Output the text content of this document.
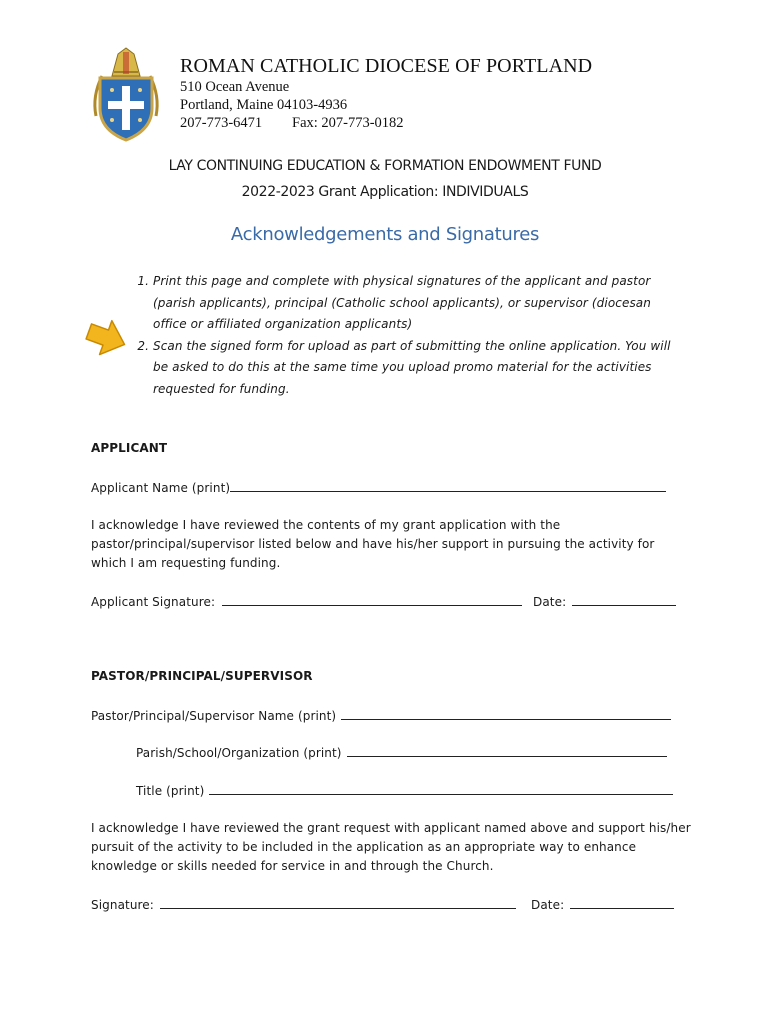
ROMAN CATHOLIC DIOCESE OF PORTLAND
510 Ocean Avenue
Portland, Maine 04103-4936
207-773-6471 Fax: 207-773-0182
LAY CONTINUING EDUCATION & FORMATION ENDOWMENT FUND
2022-2023 Grant Application: INDIVIDUALS
Acknowledgements and Signatures
1. Print this page and complete with physical signatures of the applicant and pastor (parish applicants), principal (Catholic school applicants), or supervisor (diocesan office or affiliated organization applicants)
2. Scan the signed form for upload as part of submitting the online application. You will be asked to do this at the same time you upload promo material for the activities requested for funding.
APPLICANT
Applicant Name (print)
I acknowledge I have reviewed the contents of my grant application with the pastor/principal/supervisor listed below and have his/her support in pursuing the activity for which I am requesting funding.
Applicant Signature:	Date:
PASTOR/PRINCIPAL/SUPERVISOR
Pastor/Principal/Supervisor Name (print)
Parish/School/Organization (print)
Title (print)
I acknowledge I have reviewed the grant request with applicant named above and support his/her pursuit of the activity to be included in the application as an appropriate way to enhance knowledge or skills needed for service in and through the Church.
Signature:	Date:
